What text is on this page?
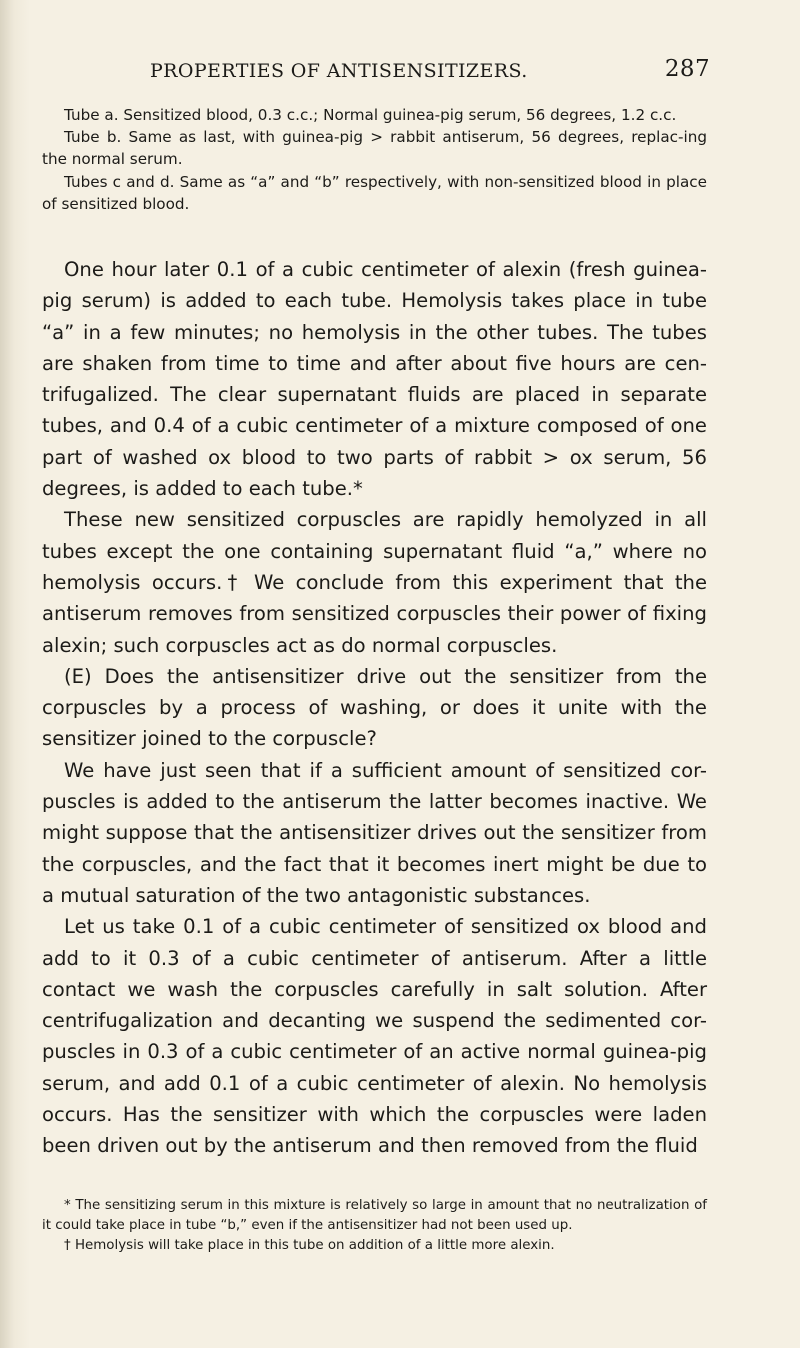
PROPERTIES OF ANTISENSITIZERS.	287

Tube a. Sensitized blood, 0.3 c.c.; Normal guinea-pig serum, 56 degrees, 1.2 c.c.

Tube b. Same as last, with guinea-pig > rabbit antiserum, 56 degrees, replac-ing the normal serum.

Tubes c and d. Same as “a” and “b” respectively, with non-sensitized blood in place of sensitized blood.

One hour later 0.1 of a cubic centimeter of alexin (fresh guinea-pig serum) is added to each tube. Hemolysis takes place in tube “a” in a few minutes; no hemolysis in the other tubes. The tubes are shaken from time to time and after about five hours are cen-trifugalized. The clear supernatant fluids are placed in separate tubes, and 0.4 of a cubic centimeter of a mixture composed of one part of washed ox blood to two parts of rabbit > ox serum, 56 degrees, is added to each tube.*

These new sensitized corpuscles are rapidly hemolyzed in all tubes except the one containing supernatant fluid “a,” where no hemolysis occurs.† We conclude from this experiment that the antiserum removes from sensitized corpuscles their power of fixing alexin; such corpuscles act as do normal corpuscles.

(E) Does the antisensitizer drive out the sensitizer from the corpuscles by a process of washing, or does it unite with the sensitizer joined to the corpuscle?

We have just seen that if a sufficient amount of sensitized cor-puscles is added to the antiserum the latter becomes inactive. We might suppose that the antisensitizer drives out the sensitizer from the corpuscles, and the fact that it becomes inert might be due to a mutual saturation of the two antagonistic substances.

Let us take 0.1 of a cubic centimeter of sensitized ox blood and add to it 0.3 of a cubic centimeter of antiserum. After a little contact we wash the corpuscles carefully in salt solution. After centrifugalization and decanting we suspend the sedimented cor-puscles in 0.3 of a cubic centimeter of an active normal guinea-pig serum, and add 0.1 of a cubic centimeter of alexin. No hemolysis occurs. Has the sensitizer with which the corpuscles were laden been driven out by the antiserum and then removed from the fluid

* The sensitizing serum in this mixture is relatively so large in amount that no neutralization of it could take place in tube “b,” even if the antisensitizer had not been used up.

† Hemolysis will take place in this tube on addition of a little more alexin.
